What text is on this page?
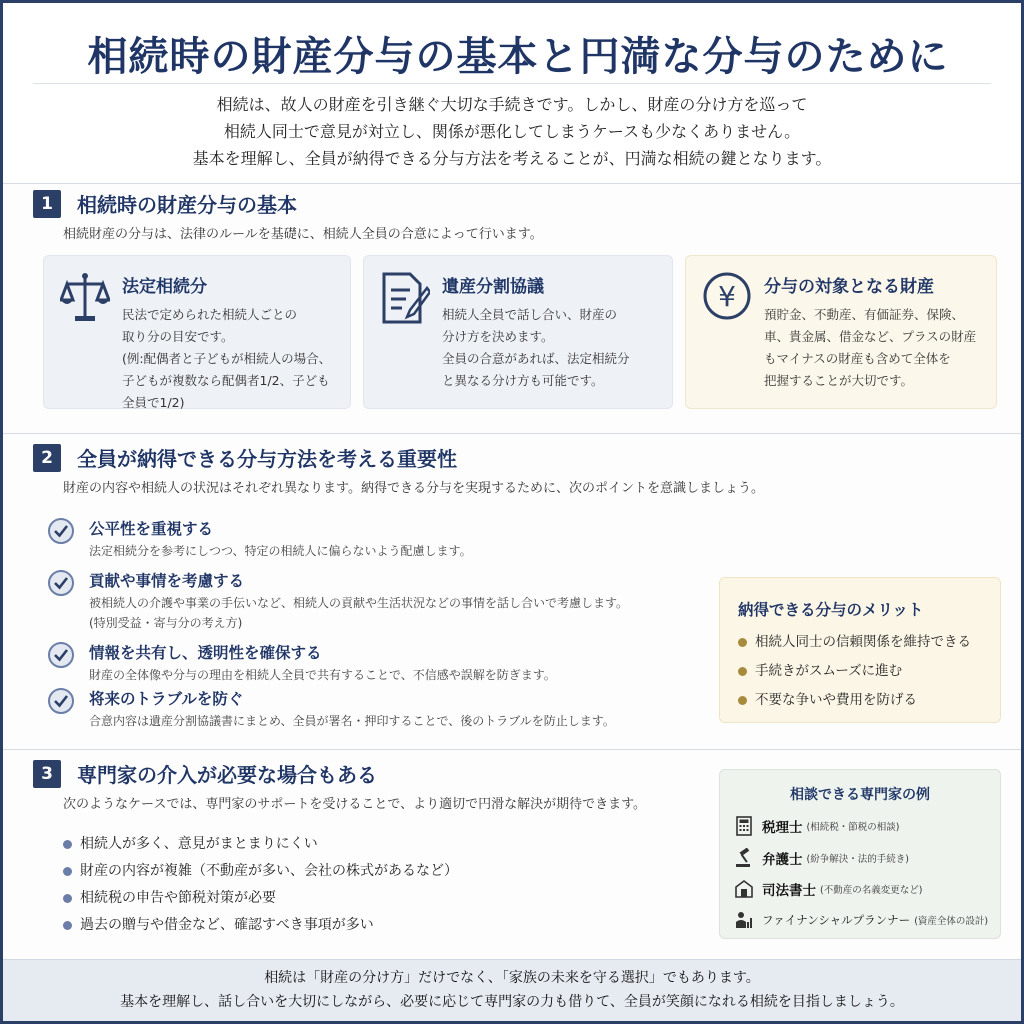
相続時の財産分与の基本と円満な分与のために
相続は、故人の財産を引き継ぐ大切な手続きです。しかし、財産の分け方を巡って
相続人同士で意見が対立し、関係が悪化してしまうケースも少なくありません。
基本を理解し、全員が納得できる分与方法を考えることが、円満な相続の鍵となります。
1	相続時の財産分与の基本
相続財産の分与は、法律のルールを基礎に、相続人全員の合意によって行います。
法定相続分
民法で定められた相続人ごとの
取り分の目安です。
(例:配偶者と子どもが相続人の場合、
子どもが複数なら配偶者1/2、子ども
全員で1/2)
遺産分割協議
相続人全員で話し合い、財産の
分け方を決めます。
全員の合意があれば、法定相続分
と異なる分け方も可能です。
¥ 分与の対象となる財産
預貯金、不動産、有価証券、保険、
車、貴金属、借金など、プラスの財産
もマイナスの財産も含めて全体を
把握することが大切です。
2	全員が納得できる分与方法を考える重要性
財産の内容や相続人の状況はそれぞれ異なります。納得できる分与を実現するために、次のポイントを意識しましょう。
公平性を重視する
法定相続分を参考にしつつ、特定の相続人に偏らないよう配慮します。
貢献や事情を考慮する
被相続人の介護や事業の手伝いなど、相続人の貢献や生活状況などの事情を話し合いで考慮します。
(特別受益・寄与分の考え方)
情報を共有し、透明性を確保する
財産の全体像や分与の理由を相続人全員で共有することで、不信感や誤解を防ぎます。
将来のトラブルを防ぐ
合意内容は遺産分割協議書にまとめ、全員が署名・押印することで、後のトラブルを防止します。
納得できる分与のメリット
相続人同士の信頼関係を維持できる
手続きがスムーズに進む
不要な争いや費用を防げる
3	専門家の介入が必要な場合もある
次のようなケースでは、専門家のサポートを受けることで、より適切で円滑な解決が期待できます。
相続人が多く、意見がまとまりにくい
財産の内容が複雑（不動産が多い、会社の株式があるなど）
相続税の申告や節税対策が必要
過去の贈与や借金など、確認すべき事項が多い
相談できる専門家の例
税理士 (相続税・節税の相談)
弁護士 (紛争解決・法的手続き)
司法書士 (不動産の名義変更など)
ファイナンシャルプランナー (資産全体の設計)
相続は「財産の分け方」だけでなく、「家族の未来を守る選択」でもあります。
基本を理解し、話し合いを大切にしながら、必要に応じて専門家の力も借りて、全員が笑顔になれる相続を目指しましょう。
